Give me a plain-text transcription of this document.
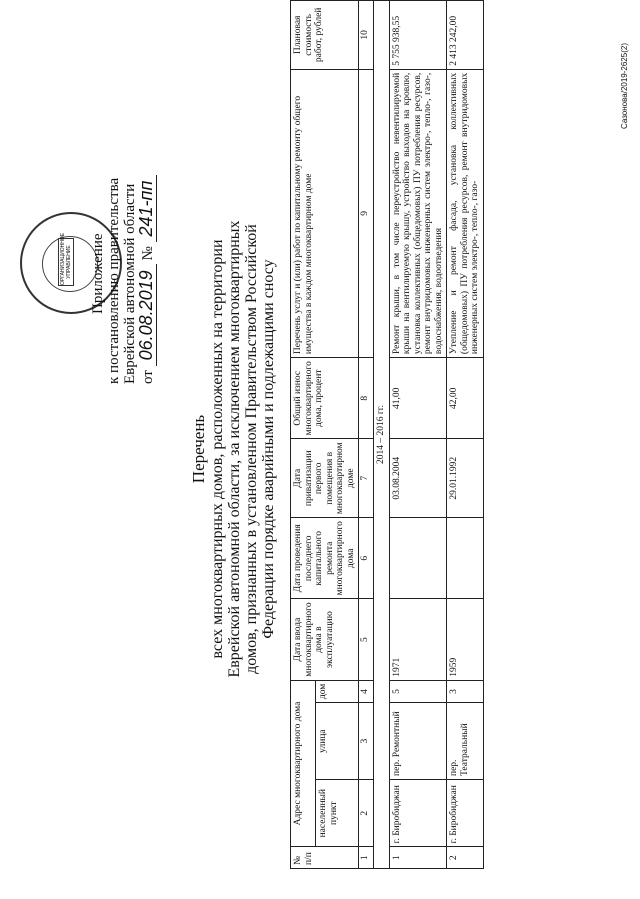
ОРГАНИЗАЦИОННОЕ УПРАВЛЕНИЕ Приложение к постановлению правительства Еврейской автономной области от 06.08.2019 № 241-пп
Перечень всех многоквартирных домов, расположенных на территории Еврейской автономной области, за исключением многоквартирных домов, признанных в установленном Правительством Российской Федерации порядке аварийными и подлежащими сносу
№ п/п	Адрес многоквартирного дома			Дата ввода многоквартирного дома в эксплуатацию	Дата проведения последнего капитального ремонта многоквартирного дома	Дата приватизации первого помещения в многоквартирном доме	Общий износ многоквартирного дома, процент	Перечень услуг и (или) работ по капитальному ремонту общего имущества в каждом многоквартирном доме	Плановая стоимость работ, рублей
	населенный пункт	улица	дом						
1	2	3	4	5	6	7	8	9	10
2014 – 2016 гг.									
1	г. Биробиджан	пер. Ремонтный	5	1971		03.08.2004	41,00	Ремонт крыши, в том числе переустройство невентилируемой крыши на вентилируемую крышу, устройство выходов на кровлю, установка коллективных (общедомовых) ПУ потребления ресурсов, ремонт внутридомовых инженерных систем электро-, тепло-, газо-, водоснабжения, водоотведения	5 755 938,55
2	г. Биробиджан	пер. Театральный	3	1959		29.01.1992	42,00	Утепление и ремонт фасада, установка коллективных (общедомовых) ПУ потребления ресурсов, ремонт внутридомовых инженерных систем электро-, тепло-, газо-	2 413 242,00
Сазонова/2019-2625(2)
